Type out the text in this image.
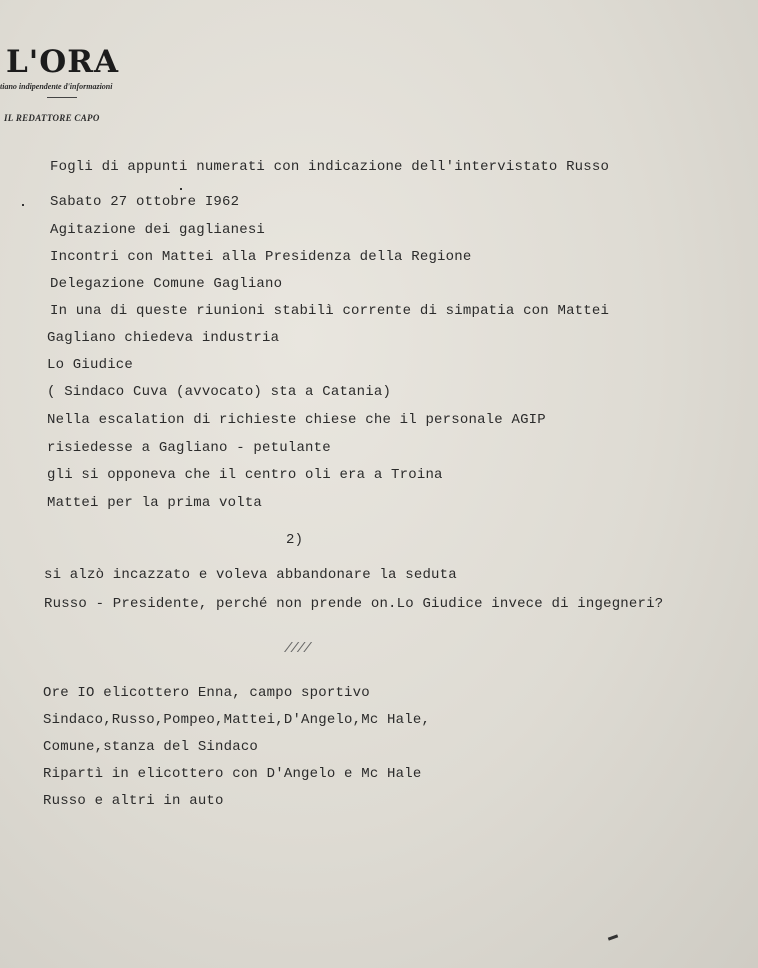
L'ORA
tiano indipendente d'informazioni
IL REDATTORE CAPO
Fogli di appunti numerati con indicazione dell'intervistato Russo
Sabato 27 ottobre I962
Agitazione dei gaglianesi
Incontri con Mattei alla Presidenza della Regione
Delegazione Comune Gagliano
In una di queste riunioni stabilì corrente di simpatia con Mattei
Gagliano chiedeva industria
Lo Giudice
( Sindaco Cuva (avvocato) sta a Catania)
Nella escalation di richieste chiese che il personale AGIP
risiedesse a Gagliano - petulante
gli si opponeva che il centro oli era a Troina
Mattei per la prima volta
2)
si alzò incazzato e voleva abbandonare la seduta
Russo - Presidente, perché non prende on.Lo Giudice invece di ingegneri?
////
Ore IO elicottero Enna, campo sportivo
Sindaco,Russo,Pompeo,Mattei,D'Angelo,Mc Hale,
Comune,stanza del Sindaco
Ripartì in elicottero con D'Angelo e Mc Hale
Russo e altri in auto
